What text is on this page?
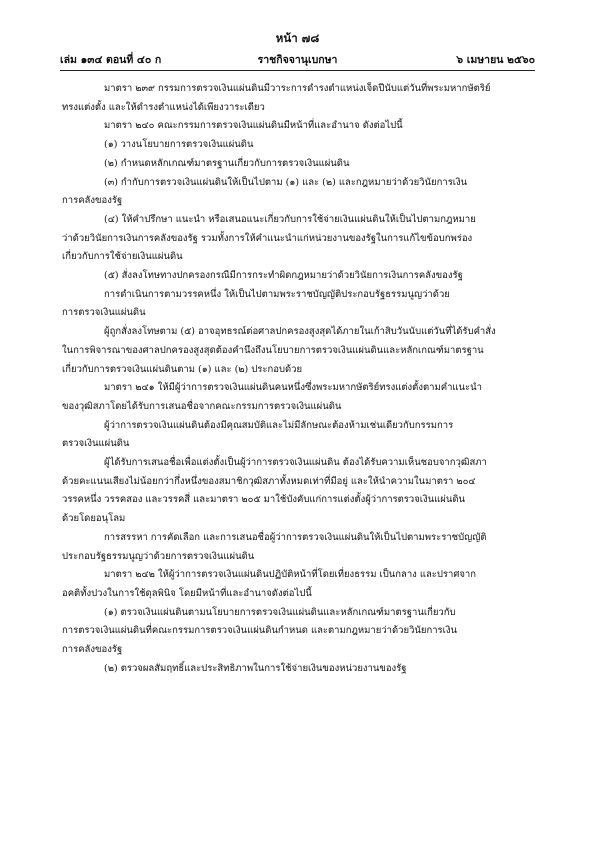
หน้า ๗๘
เล่ม ๑๓๔ ตอนที่ ๔๐ ก	ราชกิจจานุเบกษา	๖ เมษายน ๒๕๖๐

มาตรา ๒๓๙ กรรมการตรวจเงินแผ่นดินมีวาระการดำรงตำแหน่งเจ็ดปีนับแต่วันที่พระมหากษัตริย์

ทรงแต่งตั้ง และให้ดำรงตำแหน่งได้เพียงวาระเดียว

มาตรา ๒๔๐ คณะกรรมการตรวจเงินแผ่นดินมีหน้าที่และอำนาจ ดังต่อไปนี้

(๑) วางนโยบายการตรวจเงินแผ่นดิน

(๒) กำหนดหลักเกณฑ์มาตรฐานเกี่ยวกับการตรวจเงินแผ่นดิน

(๓) กำกับการตรวจเงินแผ่นดินให้เป็นไปตาม (๑) และ (๒) และกฎหมายว่าด้วยวินัยการเงิน

การคลังของรัฐ

(๔) ให้คำปรึกษา แนะนำ หรือเสนอแนะเกี่ยวกับการใช้จ่ายเงินแผ่นดินให้เป็นไปตามกฎหมาย

ว่าด้วยวินัยการเงินการคลังของรัฐ รวมทั้งการให้คำแนะนำแก่หน่วยงานของรัฐในการแก้ไขข้อบกพร่อง

เกี่ยวกับการใช้จ่ายเงินแผ่นดิน

(๕) สั่งลงโทษทางปกครองกรณีมีการกระทำผิดกฎหมายว่าด้วยวินัยการเงินการคลังของรัฐ

การดำเนินการตามวรรคหนึ่ง ให้เป็นไปตามพระราชบัญญัติประกอบรัฐธรรมนูญว่าด้วย

การตรวจเงินแผ่นดิน

ผู้ถูกสั่งลงโทษตาม (๕) อาจอุทธรณ์ต่อศาลปกครองสูงสุดได้ภายในเก้าสิบวันนับแต่วันที่ได้รับคำสั่ง

ในการพิจารณาของศาลปกครองสูงสุดต้องคำนึงถึงนโยบายการตรวจเงินแผ่นดินและหลักเกณฑ์มาตรฐาน

เกี่ยวกับการตรวจเงินแผ่นดินตาม (๑) และ (๒) ประกอบด้วย

มาตรา ๒๔๑ ให้มีผู้ว่าการตรวจเงินแผ่นดินคนหนึ่งซึ่งพระมหากษัตริย์ทรงแต่งตั้งตามคำแนะนำ

ของวุฒิสภาโดยได้รับการเสนอชื่อจากคณะกรรมการตรวจเงินแผ่นดิน

ผู้ว่าการตรวจเงินแผ่นดินต้องมีคุณสมบัติและไม่มีลักษณะต้องห้ามเช่นเดียวกับกรรมการ

ตรวจเงินแผ่นดิน

ผู้ได้รับการเสนอชื่อเพื่อแต่งตั้งเป็นผู้ว่าการตรวจเงินแผ่นดิน ต้องได้รับความเห็นชอบจากวุฒิสภา

ด้วยคะแนนเสียงไม่น้อยกว่ากึ่งหนึ่งของสมาชิกวุฒิสภาทั้งหมดเท่าที่มีอยู่ และให้นำความในมาตรา ๒๐๔

วรรคหนึ่ง วรรคสอง และวรรคสี่ และมาตรา ๒๐๕ มาใช้บังคับแก่การแต่งตั้งผู้ว่าการตรวจเงินแผ่นดิน

ด้วยโดยอนุโลม

การสรรหา การคัดเลือก และการเสนอชื่อผู้ว่าการตรวจเงินแผ่นดินให้เป็นไปตามพระราชบัญญัติ

ประกอบรัฐธรรมนูญว่าด้วยการตรวจเงินแผ่นดิน

มาตรา ๒๔๒ ให้ผู้ว่าการตรวจเงินแผ่นดินปฏิบัติหน้าที่โดยเที่ยงธรรม เป็นกลาง และปราศจาก

อคติทั้งปวงในการใช้ดุลพินิจ โดยมีหน้าที่และอำนาจดังต่อไปนี้

(๑) ตรวจเงินแผ่นดินตามนโยบายการตรวจเงินแผ่นดินและหลักเกณฑ์มาตรฐานเกี่ยวกับ

การตรวจเงินแผ่นดินที่คณะกรรมการตรวจเงินแผ่นดินกำหนด และตามกฎหมายว่าด้วยวินัยการเงิน

การคลังของรัฐ

(๒) ตรวจผลสัมฤทธิ์และประสิทธิภาพในการใช้จ่ายเงินของหน่วยงานของรัฐ
